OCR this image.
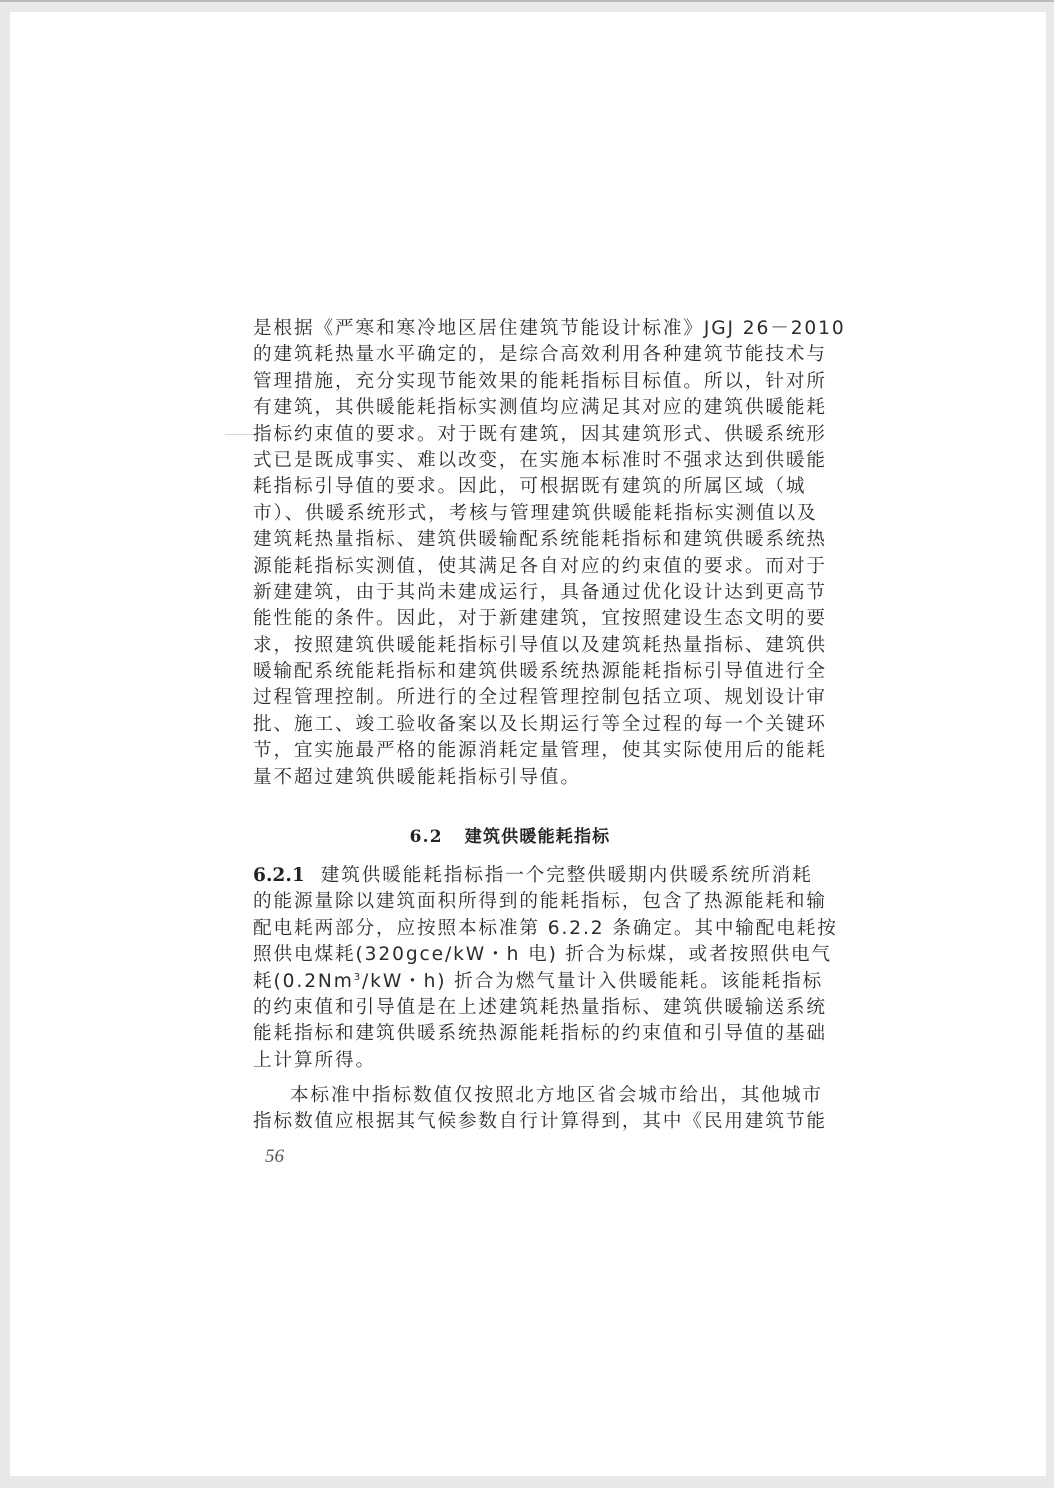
是根据《严寒和寒冷地区居住建筑节能设计标准》JGJ 26－2010
的建筑耗热量水平确定的，是综合高效利用各种建筑节能技术与
管理措施，充分实现节能效果的能耗指标目标值。所以，针对所
有建筑，其供暖能耗指标实测值均应满足其对应的建筑供暖能耗
指标约束值的要求。对于既有建筑，因其建筑形式、供暖系统形
式已是既成事实、难以改变，在实施本标准时不强求达到供暖能
耗指标引导值的要求。因此，可根据既有建筑的所属区域（城
市）、供暖系统形式，考核与管理建筑供暖能耗指标实测值以及
建筑耗热量指标、建筑供暖输配系统能耗指标和建筑供暖系统热
源能耗指标实测值，使其满足各自对应的约束值的要求。而对于
新建建筑，由于其尚未建成运行，具备通过优化设计达到更高节
能性能的条件。因此，对于新建建筑，宜按照建设生态文明的要
求，按照建筑供暖能耗指标引导值以及建筑耗热量指标、建筑供
暖输配系统能耗指标和建筑供暖系统热源能耗指标引导值进行全
过程管理控制。所进行的全过程管理控制包括立项、规划设计审
批、施工、竣工验收备案以及长期运行等全过程的每一个关键环
节，宜实施最严格的能源消耗定量管理，使其实际使用后的能耗
量不超过建筑供暖能耗指标引导值。
6.2 建筑供暖能耗指标
6.2.1 建筑供暖能耗指标指一个完整供暖期内供暖系统所消耗
的能源量除以建筑面积所得到的能耗指标，包含了热源能耗和输
配电耗两部分，应按照本标准第 6.2.2 条确定。其中输配电耗按
照供电煤耗(320gce/kW・h 电) 折合为标煤，或者按照供电气
耗(0.2Nm$^3$/kW・h) 折合为燃气量计入供暖能耗。该能耗指标
的约束值和引导值是在上述建筑耗热量指标、建筑供暖输送系统
能耗指标和建筑供暖系统热源能耗指标的约束值和引导值的基础
上计算所得。
本标准中指标数值仅按照北方地区省会城市给出，其他城市
指标数值应根据其气候参数自行计算得到，其中《民用建筑节能
56
